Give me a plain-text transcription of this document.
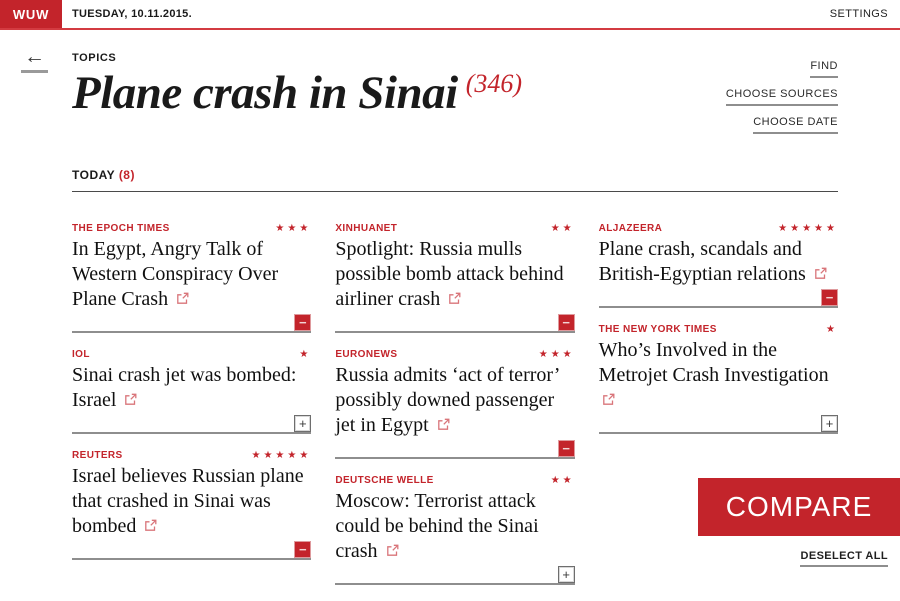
WUW	TUESDAY, 10.11.2015.	SETTINGS
← TOPICS
Plane crash in Sinai $^{(346)}$
FIND
CHOOSE SOURCES
CHOOSE DATE
TODAY (8)
THE EPOCH TIMES	★★★
In Egypt, Angry Talk of Western Conspiracy Over Plane Crash
−
IOL	★
Sinai crash jet was bombed: Israel
+
REUTERS	★★★★★
Israel believes Russian plane that crashed in Sinai was bombed
−
XINHUANET	★★
Spotlight: Russia mulls possible bomb attack behind airliner crash
−
EURONEWS	★★★
Russia admits ‘act of terror’ possibly downed passenger jet in Egypt
−
DEUTSCHE WELLE	★★
Moscow: Terrorist attack could be behind the Sinai crash
+
ALJAZEERA	★★★★★
Plane crash, scandals and British-Egyptian relations
−
THE NEW YORK TIMES	★
Who’s Involved in the Metrojet Crash Investigation
+
COMPARE
DESELECT ALL
